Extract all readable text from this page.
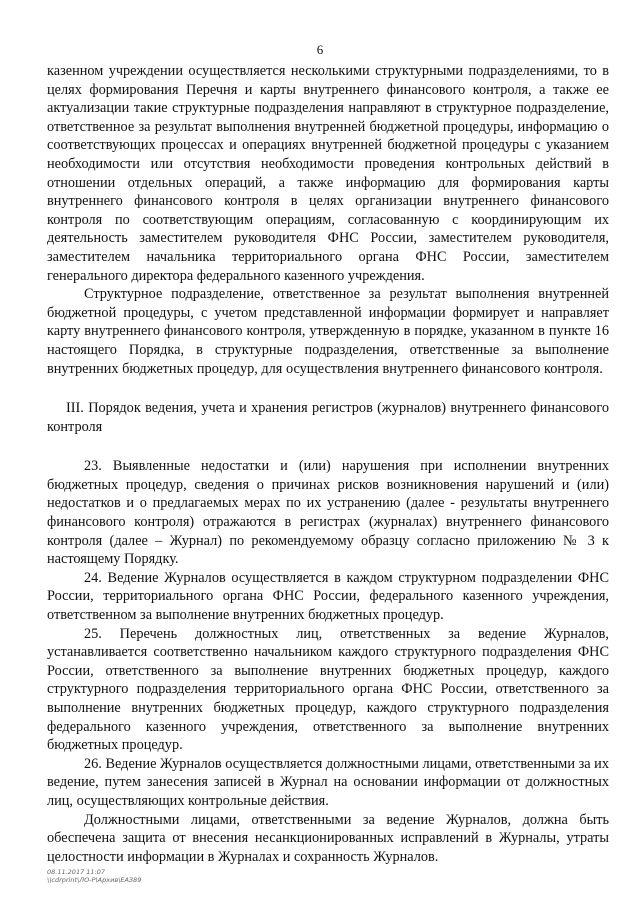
6

казенном учреждении осуществляется несколькими структурными подразделениями, то в целях формирования Перечня и карты внутреннего финансового контроля, а также ее актуализации такие структурные подразделения направляют в структурное подразделение, ответственное за результат выполнения внутренней бюджетной процедуры, информацию о соответствующих процессах и операциях внутренней бюджетной процедуры с указанием необходимости или отсутствия необходимости проведения контрольных действий в отношении отдельных операций, а также информацию для формирования карты внутреннего финансового контроля в целях организации внутреннего финансового контроля по соответствующим операциям, согласованную с координирующим их деятельность заместителем руководителя ФНС России, заместителем руководителя, заместителем начальника территориального органа ФНС России, заместителем генерального директора федерального казенного учреждения.

Структурное подразделение, ответственное за результат выполнения внутренней бюджетной процедуры, с учетом представленной информации формирует и направляет карту внутреннего финансового контроля, утвержденную в порядке, указанном в пункте 16 настоящего Порядка, в структурные подразделения, ответственные за выполнение внутренних бюджетных процедур, для осуществления внутреннего финансового контроля.

III. Порядок ведения, учета и хранения регистров (журналов) внутреннего финансового контроля

23. Выявленные недостатки и (или) нарушения при исполнении внутренних бюджетных процедур, сведения о причинах рисков возникновения нарушений и (или) недостатков и о предлагаемых мерах по их устранению (далее - результаты внутреннего финансового контроля) отражаются в регистрах (журналах) внутреннего финансового контроля (далее – Журнал) по рекомендуемому образцу согласно приложению № 3 к настоящему Порядку.

24. Ведение Журналов осуществляется в каждом структурном подразделении ФНС России, территориального органа ФНС России, федерального казенного учреждения, ответственном за выполнение внутренних бюджетных процедур.

25. Перечень должностных лиц, ответственных за ведение Журналов, устанавливается соответственно начальником каждого структурного подразделения ФНС России, ответственного за выполнение внутренних бюджетных процедур, каждого структурного подразделения территориального органа ФНС России, ответственного за выполнение внутренних бюджетных процедур, каждого структурного подразделения федерального казенного учреждения, ответственного за выполнение внутренних бюджетных процедур.

26. Ведение Журналов осуществляется должностными лицами, ответственными за их ведение, путем занесения записей в Журнал на основании информации от должностных лиц, осуществляющих контрольные действия.

Должностными лицами, ответственными за ведение Журналов, должна быть обеспечена защита от внесения несанкционированных исправлений в Журналы, утраты целостности информации в Журналах и сохранность Журналов.

08.11.2017 11:07
\\cdrprint\ЛО-Р\Архив\ЕАЗ89
